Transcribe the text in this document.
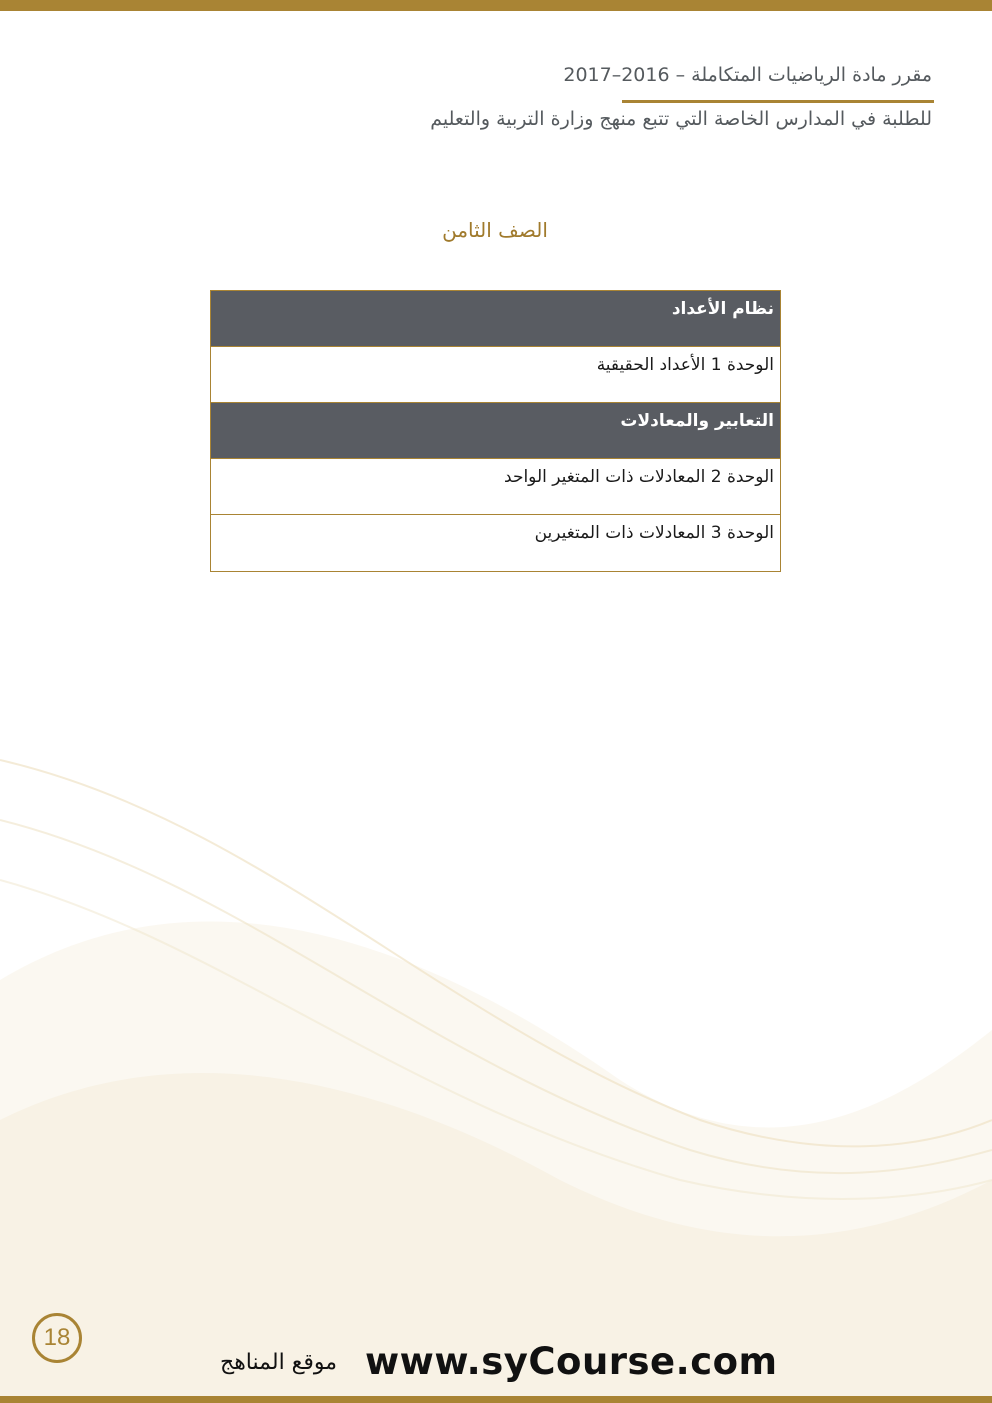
مقرر مادة الرياضيات المتكاملة – 2016–2017
للطلبة في المدارس الخاصة التي تتبع منهج وزارة التربية والتعليم
الصف الثامن
نظام الأعداد
الوحدة 1 الأعداد الحقيقية
التعابير والمعادلات
الوحدة 2 المعادلات ذات المتغير الواحد
الوحدة 3 المعادلات ذات المتغيرين
18
www.syCourse.com
موقع المناهج
